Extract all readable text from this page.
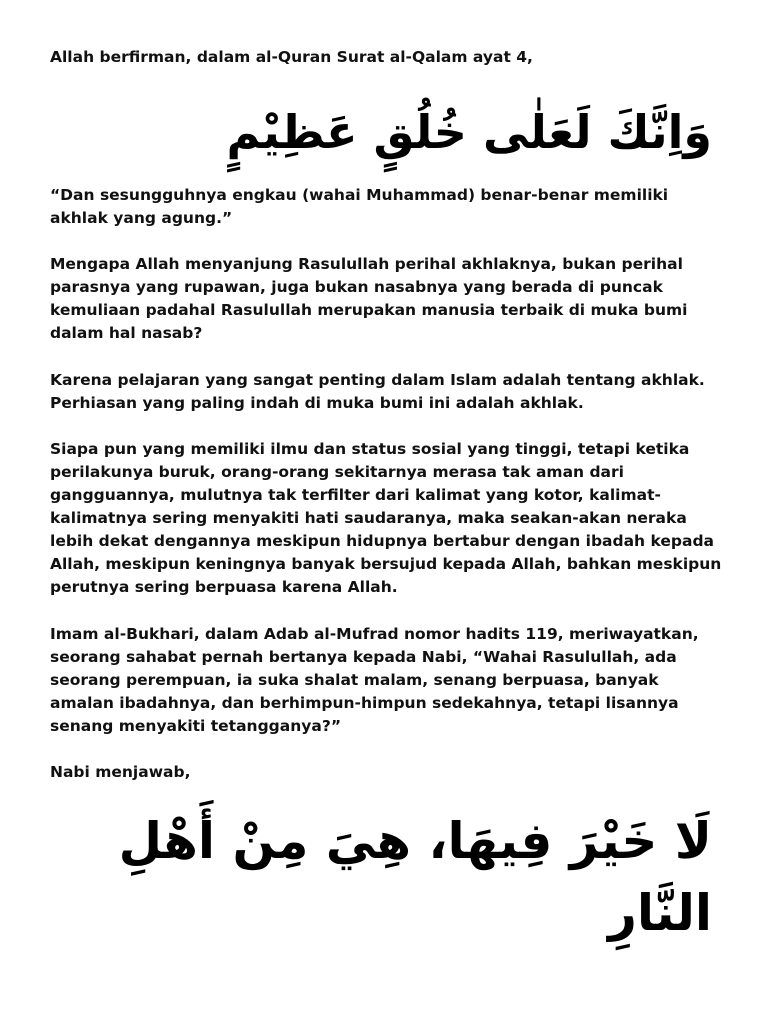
Allah berfirman, dalam al-Quran Surat al-Qalam ayat 4,

وَاِنَّكَ لَعَلٰى خُلُقٍ عَظِيْمٍ

“Dan sesungguhnya engkau (wahai Muhammad) benar-benar memiliki akhlak yang agung.”

Mengapa Allah menyanjung Rasulullah perihal akhlaknya, bukan perihal parasnya yang rupawan, juga bukan nasabnya yang berada di puncak kemuliaan padahal Rasulullah merupakan manusia terbaik di muka bumi dalam hal nasab?

Karena pelajaran yang sangat penting dalam Islam adalah tentang akhlak. Perhiasan yang paling indah di muka bumi ini adalah akhlak.

Siapa pun yang memiliki ilmu dan status sosial yang tinggi, tetapi ketika perilakunya buruk, orang-orang sekitarnya merasa tak aman dari gangguannya, mulutnya tak terfilter dari kalimat yang kotor, kalimat-kalimatnya sering menyakiti hati saudaranya, maka seakan-akan neraka lebih dekat dengannya meskipun hidupnya bertabur dengan ibadah kepada Allah, meskipun keningnya banyak bersujud kepada Allah, bahkan meskipun perutnya sering berpuasa karena Allah.

Imam al-Bukhari, dalam Adab al-Mufrad nomor hadits 119, meriwayatkan, seorang sahabat pernah bertanya kepada Nabi, “Wahai Rasulullah, ada seorang perempuan, ia suka shalat malam, senang berpuasa, banyak amalan ibadahnya, dan berhimpun-himpun sedekahnya, tetapi lisannya senang menyakiti tetangganya?”

Nabi menjawab,

لَا خَيْرَ فِيهَا، هِيَ مِنْ أَهْلِ النَّارِ
